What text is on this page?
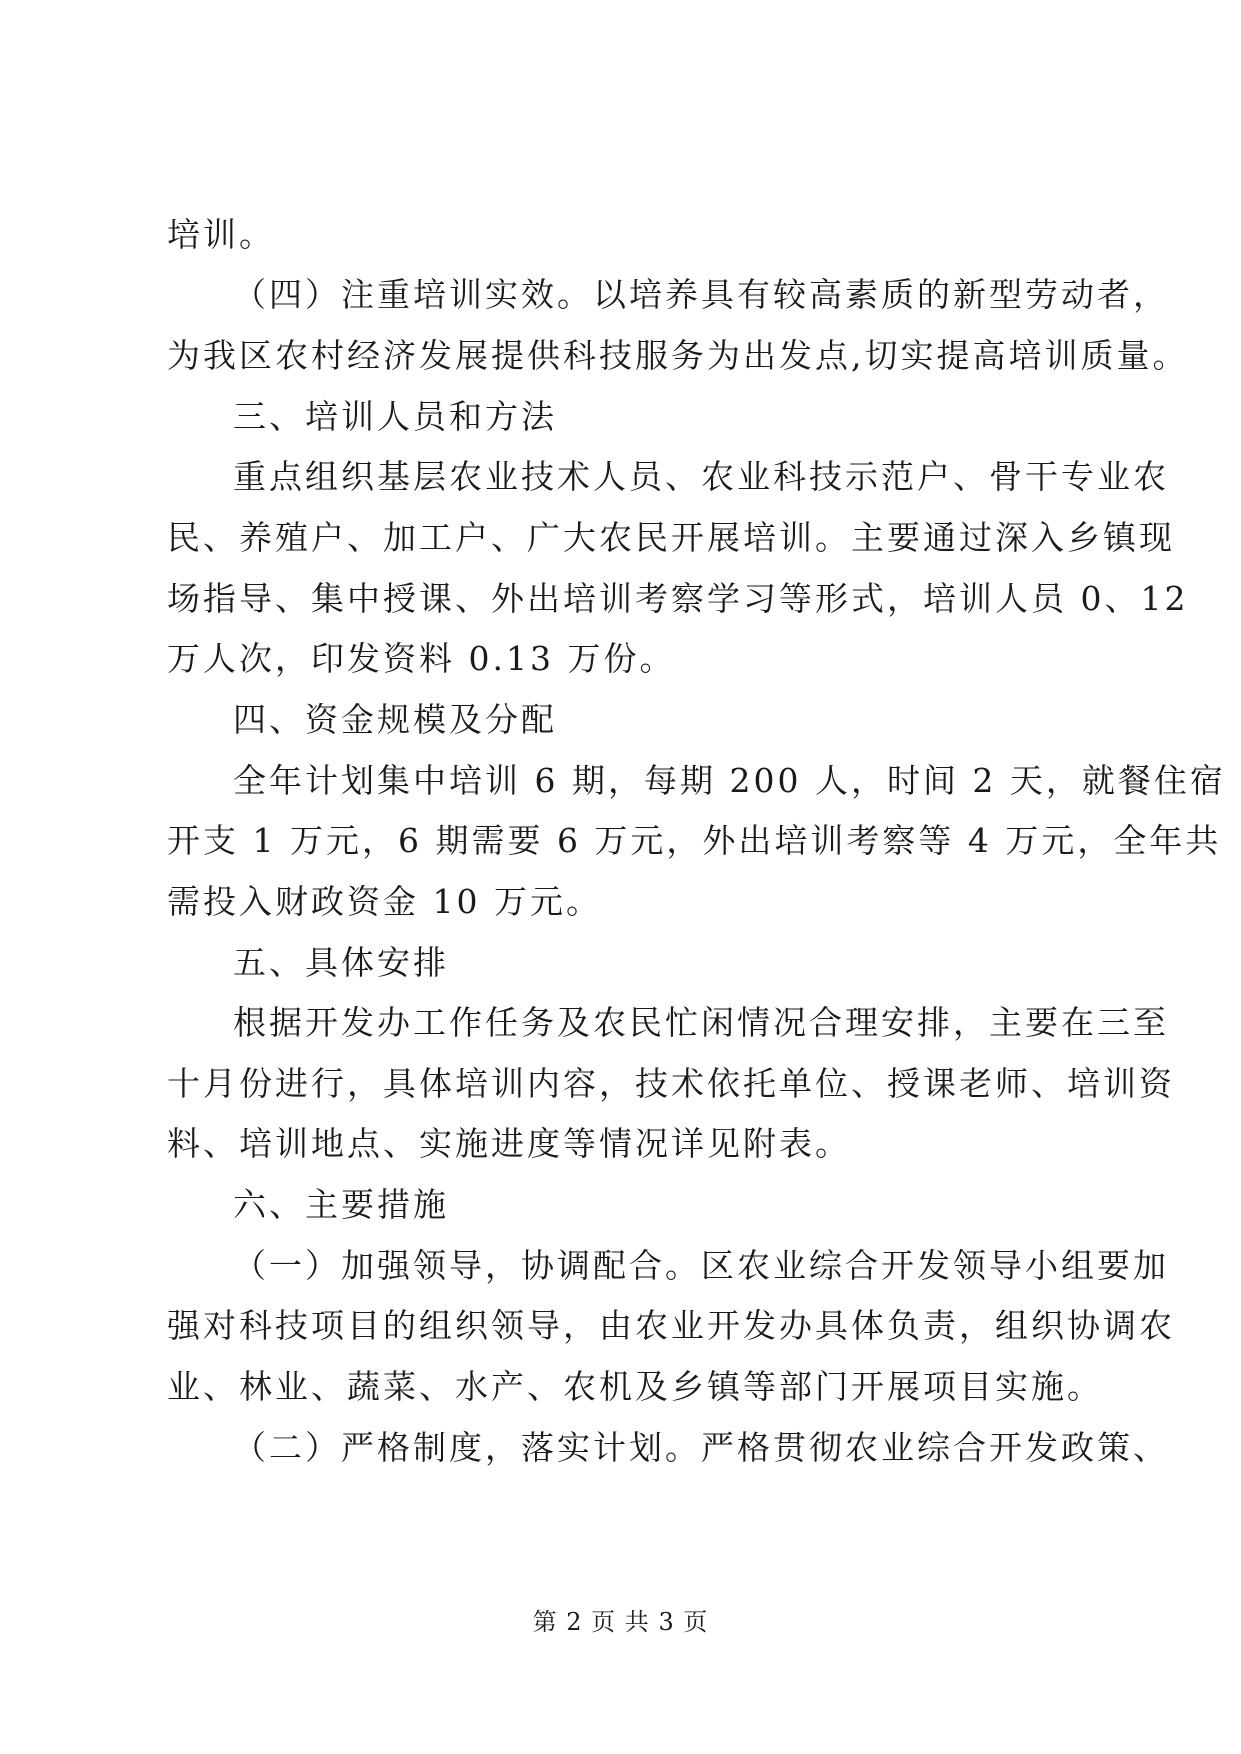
培训。
（四）注重培训实效。以培养具有较高素质的新型劳动者，
为我区农村经济发展提供科技服务为出发点,切实提高培训质量。
三、培训人员和方法
重点组织基层农业技术人员、农业科技示范户、骨干专业农
民、养殖户、加工户、广大农民开展培训。主要通过深入乡镇现
场指导、集中授课、外出培训考察学习等形式，培训人员 0、12
万人次，印发资料 0.13 万份。
四、资金规模及分配
全年计划集中培训 6 期，每期 200 人，时间 2 天，就餐住宿
开支 1 万元，6 期需要 6 万元，外出培训考察等 4 万元，全年共
需投入财政资金 10 万元。
五、具体安排
根据开发办工作任务及农民忙闲情况合理安排，主要在三至
十月份进行，具体培训内容，技术依托单位、授课老师、培训资
料、培训地点、实施进度等情况详见附表。
六、主要措施
（一）加强领导，协调配合。区农业综合开发领导小组要加
强对科技项目的组织领导，由农业开发办具体负责，组织协调农
业、林业、蔬菜、水产、农机及乡镇等部门开展项目实施。
（二）严格制度，落实计划。严格贯彻农业综合开发政策、
第 2 页 共 3 页
